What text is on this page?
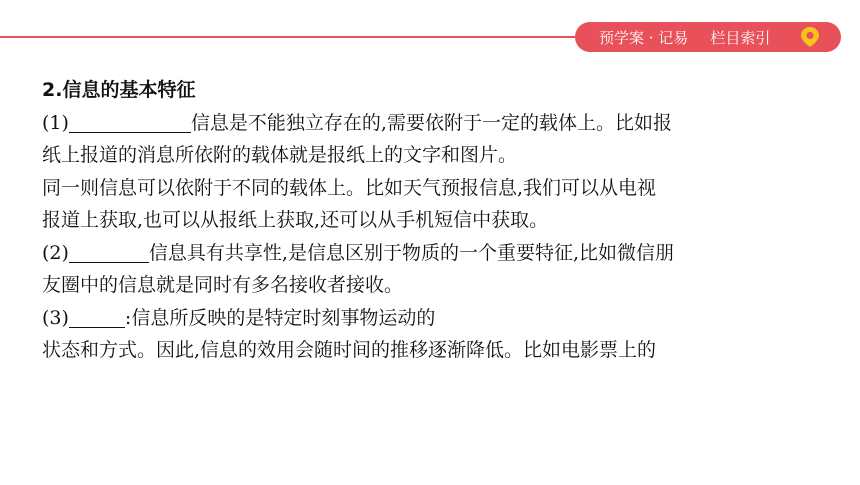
预学案 · 记易 栏目索引

2.信息的基本特征

(1)	信息是不能独立存在的,需要依附于一定的载体上。比如报

纸上报道的消息所依附的载体就是报纸上的文字和图片。

同一则信息可以依附于不同的载体上。比如天气预报信息,我们可以从电视

报道上获取,也可以从报纸上获取,还可以从手机短信中获取。

(2)	信息具有共享性,是信息区别于物质的一个重要特征,比如微信朋

友圈中的信息就是同时有多名接收者接收。

(3)	:信息所反映的是特定时刻事物运动的

状态和方式。因此,信息的效用会随时间的推移逐渐降低。比如电影票上的
